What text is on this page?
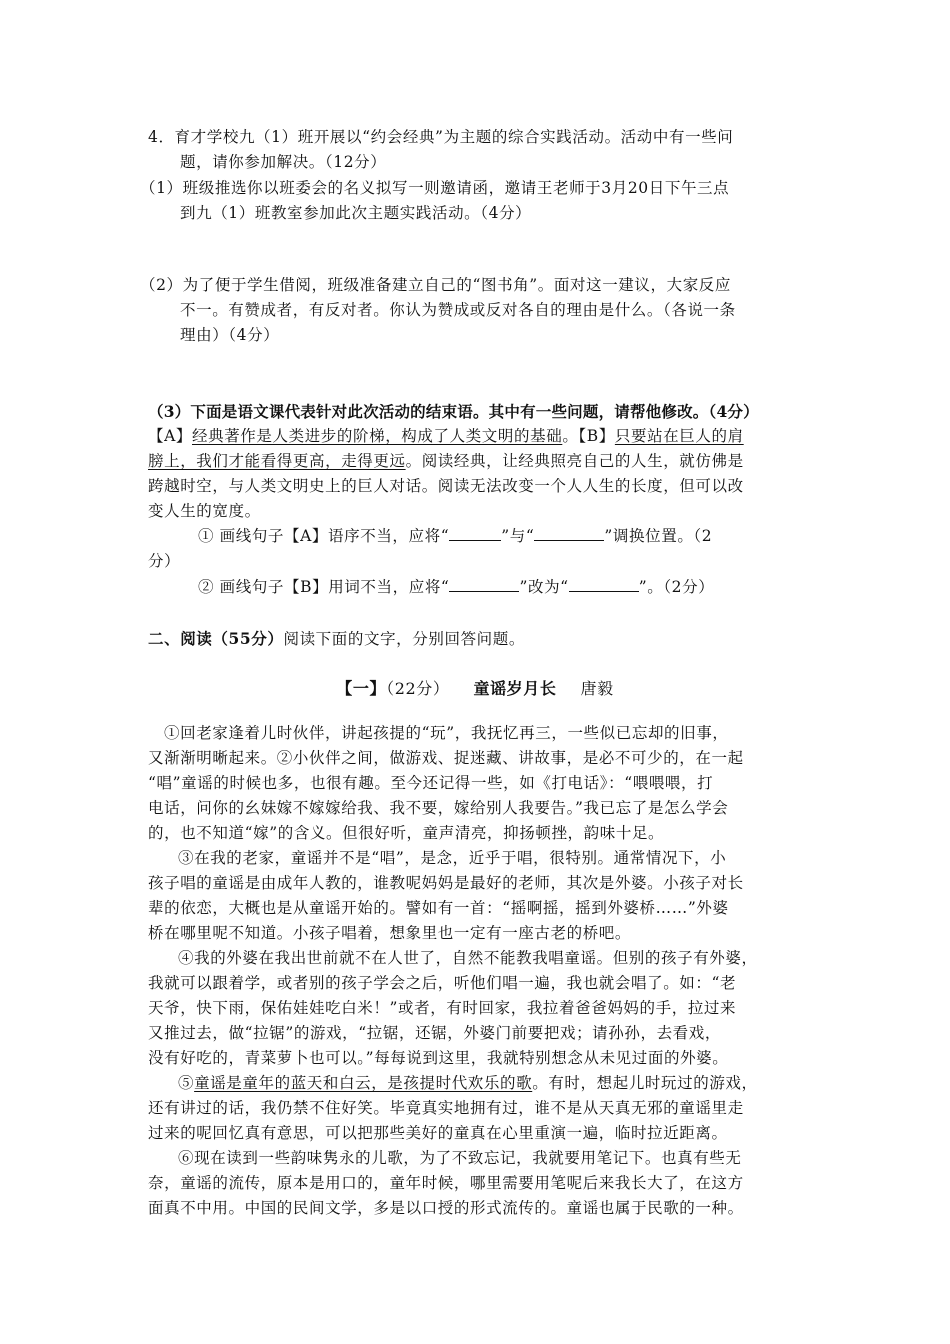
4．育才学校九（1）班开展以“约会经典”为主题的综合实践活动。活动中有一些问
题，请你参加解决。（12分）
（1）班级推选你以班委会的名义拟写一则邀请函，邀请王老师于3月20日下午三点
到九（1）班教室参加此次主题实践活动。（4分）
（2）为了便于学生借阅，班级准备建立自己的“图书角”。面对这一建议，大家反应
不一。有赞成者，有反对者。你认为赞成或反对各自的理由是什么。（各说一条
理由）（4分）
（3）下面是语文课代表针对此次活动的结束语。其中有一些问题，请帮他修改。（4分）
【A】经典著作是人类进步的阶梯，构成了人类文明的基础。【B】只要站在巨人的肩
膀上，我们才能看得更高，走得更远。阅读经典，让经典照亮自己的人生，就仿佛是
跨越时空，与人类文明史上的巨人对话。阅读无法改变一个人人生的长度，但可以改
变人生的宽度。
① 画线句子【A】语序不当，应将“	”与“	”调换位置。（2
分）
② 画线句子【B】用词不当，应将“	”改为“	”。（2分）
二、阅读（55分）阅读下面的文字，分别回答问题。
【一】（22分） 童谣岁月长 唐毅
①回老家逢着儿时伙伴，讲起孩提的“玩”，我抚忆再三，一些似已忘却的旧事，
又渐渐明晰起来。②小伙伴之间，做游戏、捉迷藏、讲故事，是必不可少的，在一起
“唱”童谣的时候也多，也很有趣。至今还记得一些，如《打电话》：“喂喂喂，打
电话，问你的幺妹嫁不嫁嫁给我、我不要，嫁给别人我要告。”我已忘了是怎么学会
的，也不知道“嫁”的含义。但很好听，童声清亮，抑扬顿挫，韵味十足。
③在我的老家，童谣并不是“唱”，是念，近乎于唱，很特别。通常情况下，小
孩子唱的童谣是由成年人教的，谁教呢妈妈是最好的老师，其次是外婆。小孩子对长
辈的依恋，大概也是从童谣开始的。譬如有一首：“摇啊摇，摇到外婆桥……”外婆
桥在哪里呢不知道。小孩子唱着，想象里也一定有一座古老的桥吧。
④我的外婆在我出世前就不在人世了，自然不能教我唱童谣。但别的孩子有外婆，
我就可以跟着学，或者别的孩子学会之后，听他们唱一遍，我也就会唱了。如：“老
天爷，快下雨，保佑娃娃吃白米！”或者，有时回家，我拉着爸爸妈妈的手，拉过来
又推过去，做“拉锯”的游戏，“拉锯，还锯，外婆门前要把戏；请孙孙，去看戏，
没有好吃的，青菜萝卜也可以。”每每说到这里，我就特别想念从未见过面的外婆。
⑤童谣是童年的蓝天和白云，是孩提时代欢乐的歌。有时，想起儿时玩过的游戏，
还有讲过的话，我仍禁不住好笑。毕竟真实地拥有过，谁不是从天真无邪的童谣里走
过来的呢回忆真有意思，可以把那些美好的童真在心里重演一遍，临时拉近距离。
⑥现在读到一些韵味隽永的儿歌，为了不致忘记，我就要用笔记下。也真有些无
奈，童谣的流传，原本是用口的，童年时候，哪里需要用笔呢后来我长大了，在这方
面真不中用。中国的民间文学，多是以口授的形式流传的。童谣也属于民歌的一种。
